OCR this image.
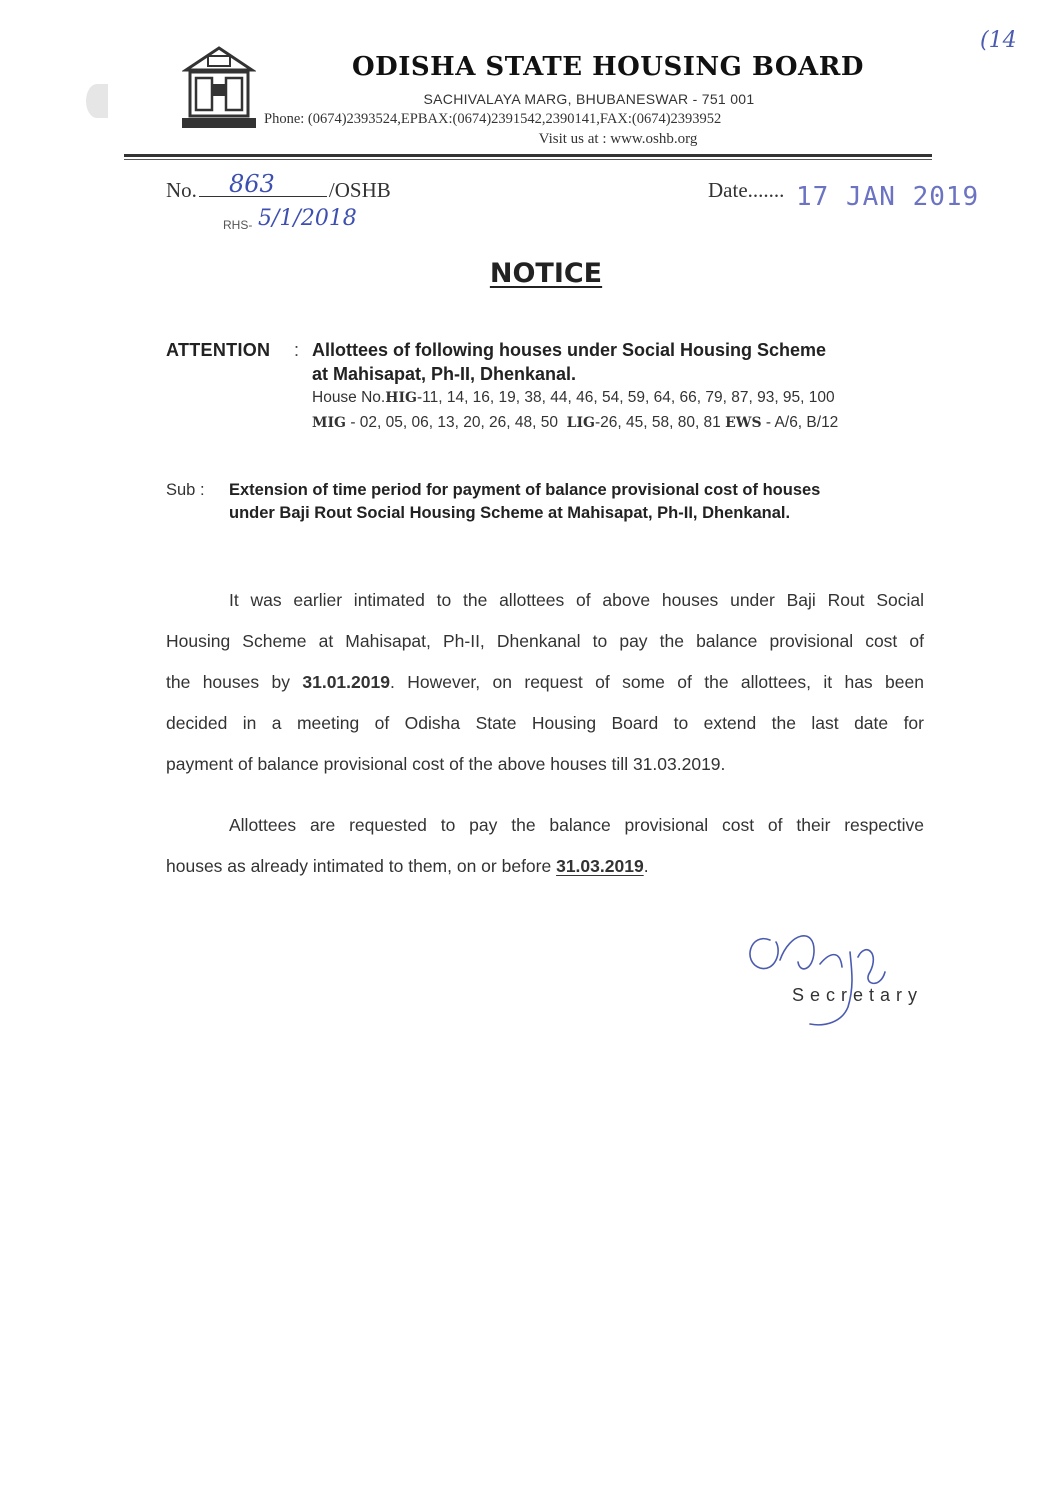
(14
ODISHA STATE HOUSING BOARD
SACHIVALAYA MARG, BHUBANESWAR - 751 001
Phone: (0674)2393524,EPBAX:(0674)2391542,2390141,FAX:(0674)2393952
Visit us at : www.oshb.org
No.	/OSHB
863
RHS- 5/1/2018
Date....... 17 JAN 2019
NOTICE
ATTENTION : Allottees of following houses under Social Housing Scheme
at Mahisapat, Ph-II, Dhenkanal.
House No.HIG-11, 14, 16, 19, 38, 44, 46, 54, 59, 64, 66, 79, 87, 93, 95, 100
MIG - 02, 05, 06, 13, 20, 26, 48, 50  LIG-26, 45, 58, 80, 81 EWS - A/6, B/12
Sub : Extension of time period for payment of balance provisional cost of houses
under Baji Rout Social Housing Scheme at Mahisapat, Ph-II, Dhenkanal.
It was earlier intimated to the allottees of above houses under Baji Rout Social
Housing Scheme at Mahisapat, Ph-II, Dhenkanal to pay the balance provisional cost of
the houses by 31.01.2019. However, on request of some of the allottees, it has been
decided in a meeting of Odisha State Housing Board to extend the last date for
payment of balance provisional cost of the above houses till 31.03.2019.
Allottees are requested to pay the balance provisional cost of their respective
houses as already intimated to them, on or before 31.03.2019.
Secretary
